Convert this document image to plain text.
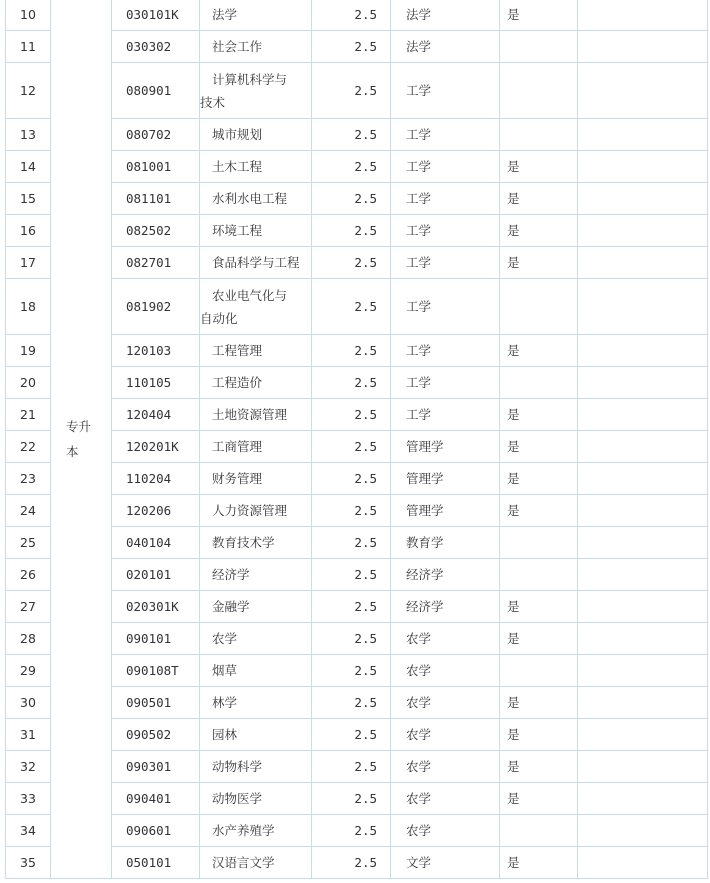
10	专升本	030101K	法学	2.5	法学	是	
11		030302	社会工作	2.5	法学		
12		080901	计算机科学与技术	2.5	工学		
13		080702	城市规划	2.5	工学		
14		081001	土木工程	2.5	工学	是	
15		081101	水利水电工程	2.5	工学	是	
16		082502	环境工程	2.5	工学	是	
17		082701	食品科学与工程	2.5	工学	是	
18		081902	农业电气化与自动化	2.5	工学		
19		120103	工程管理	2.5	工学	是	
20		110105	工程造价	2.5	工学		
21		120404	土地资源管理	2.5	工学	是	
22		120201K	工商管理	2.5	管理学	是	
23		110204	财务管理	2.5	管理学	是	
24		120206	人力资源管理	2.5	管理学	是	
25		040104	教育技术学	2.5	教育学		
26		020101	经济学	2.5	经济学		
27		020301K	金融学	2.5	经济学	是	
28		090101	农学	2.5	农学	是	
29		090108T	烟草	2.5	农学		
30		090501	林学	2.5	农学	是	
31		090502	园林	2.5	农学	是	
32		090301	动物科学	2.5	农学	是	
33		090401	动物医学	2.5	农学	是	
34		090601	水产养殖学	2.5	农学		
35		050101	汉语言文学	2.5	文学	是	
